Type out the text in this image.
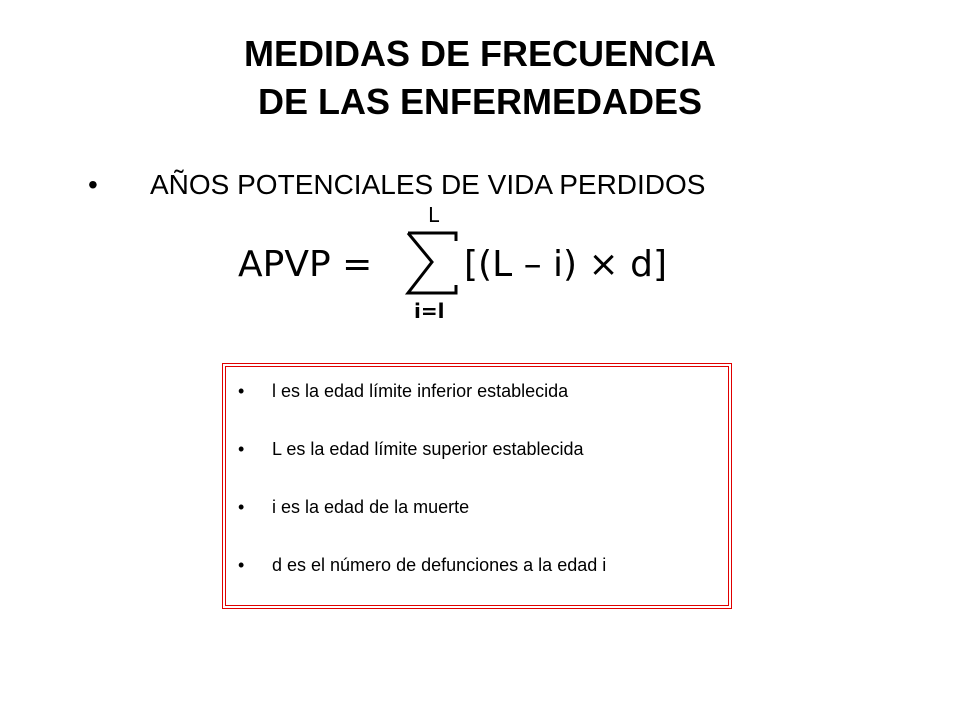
MEDIDAS DE FRECUENCIA
DE LAS ENFERMEDADES
• AÑOS POTENCIALES DE VIDA PERDIDOS
APVP =
L
i=l
[(L – i) × d]
•	l es la edad límite inferior establecida
•	L es la edad límite superior establecida
•	i es la edad de la muerte
•	d es el número de defunciones a la edad i
